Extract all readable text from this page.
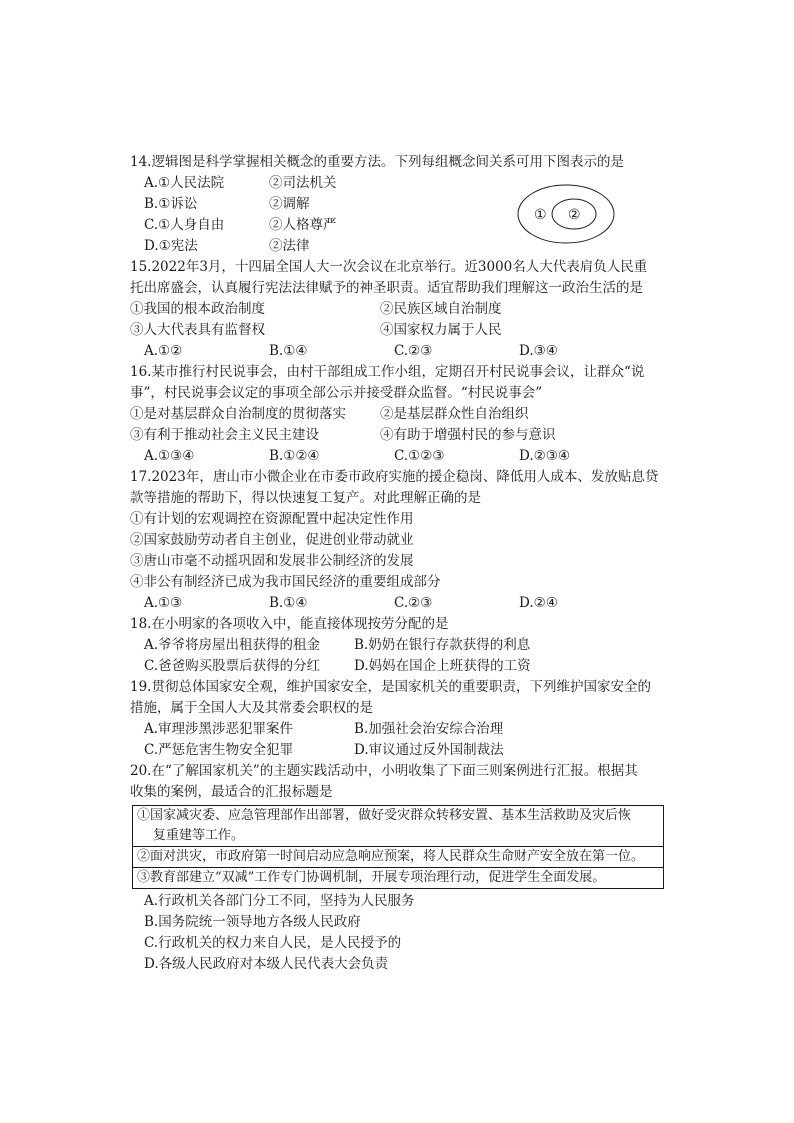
① ②
14.逻辑图是科学掌握相关概念的重要方法。下列每组概念间关系可用下图表示的是
A.①人民法院	②司法机关
B.①诉讼	②调解
C.①人身自由	②人格尊严
D.①宪法	②法律
15.2022年3月，十四届全国人大一次会议在北京举行。近3000名人大代表肩负人民重
托出席盛会，认真履行宪法法律赋予的神圣职责。适宜帮助我们理解这一政治生活的是
①我国的根本政治制度	②民族区域自治制度
③人大代表具有监督权	④国家权力属于人民
A.①②	B.①④	C.②③	D.③④
16.某市推行村民说事会，由村干部组成工作小组，定期召开村民说事会议，让群众“说
事”，村民说事会议定的事项全部公示并接受群众监督。“村民说事会”
①是对基层群众自治制度的贯彻落实	②是基层群众性自治组织
③有利于推动社会主义民主建设	④有助于增强村民的参与意识
A.①③④	B.①②④	C.①②③	D.②③④
17.2023年，唐山市小微企业在市委市政府实施的援企稳岗、降低用人成本、发放贴息贷
款等措施的帮助下，得以快速复工复产。对此理解正确的是
①有计划的宏观调控在资源配置中起决定性作用
②国家鼓励劳动者自主创业，促进创业带动就业
③唐山市毫不动摇巩固和发展非公制经济的发展
④非公有制经济已成为我市国民经济的重要组成部分
A.①③	B.①④	C.②③	D.②④
18.在小明家的各项收入中，能直接体现按劳分配的是
A.爷爷将房屋出租获得的租金	B.奶奶在银行存款获得的利息
C.爸爸购买股票后获得的分红	D.妈妈在国企上班获得的工资
19.贯彻总体国家安全观，维护国家安全，是国家机关的重要职责，下列维护国家安全的
措施，属于全国人大及其常委会职权的是
A.审理涉黑涉恶犯罪案件	B.加强社会治安综合治理
C.严惩危害生物安全犯罪	D.审议通过反外国制裁法
20.在“了解国家机关”的主题实践活动中，小明收集了下面三则案例进行汇报。根据其
收集的案例，最适合的汇报标题是
①国家减灾委、应急管理部作出部署，做好受灾群众转移安置、基本生活救助及灾后恢
复重建等工作。
②面对洪灾，市政府第一时间启动应急响应预案，将人民群众生命财产安全放在第一位。
③教育部建立“双减”工作专门协调机制，开展专项治理行动，促进学生全面发展。
A.行政机关各部门分工不同，坚持为人民服务
B.国务院统一领导地方各级人民政府
C.行政机关的权力来自人民，是人民授予的
D.各级人民政府对本级人民代表大会负责
